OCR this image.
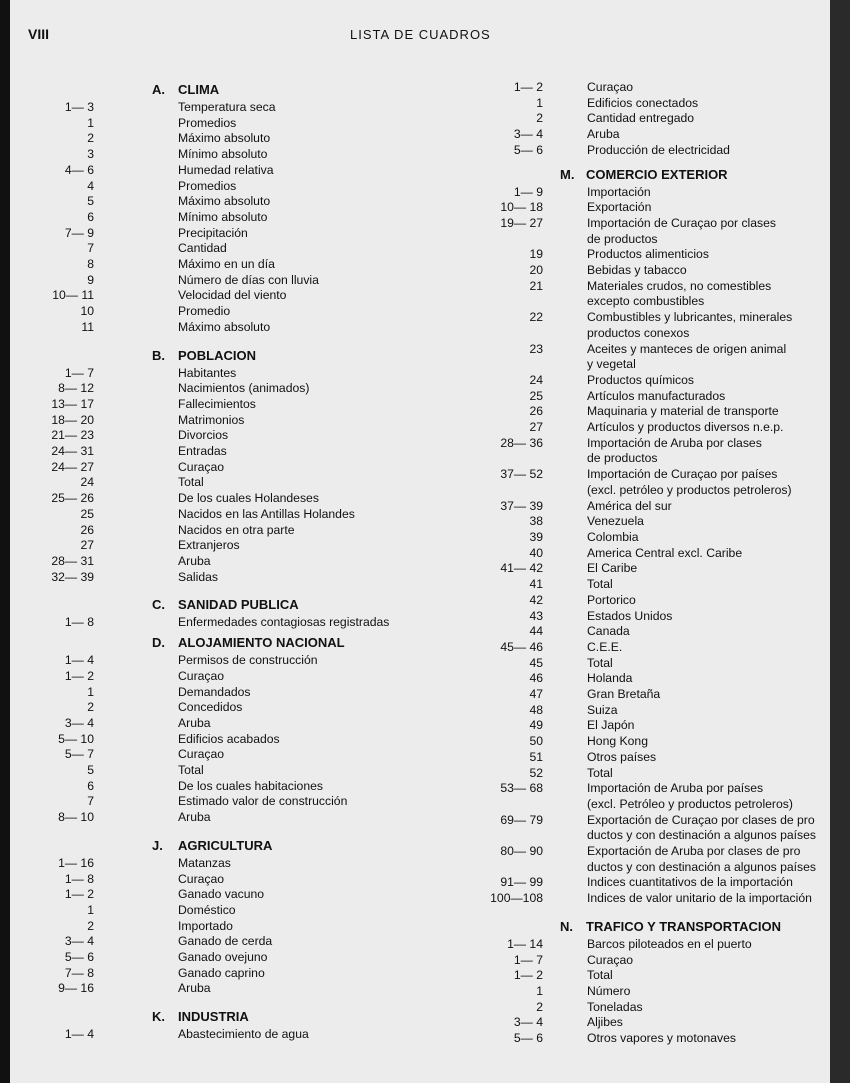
VIII	LISTA DE CUADROS
A. CLIMA
1— 3	Temperatura seca
1	Promedios
2	Máximo absoluto
3	Mínimo absoluto
4— 6	Humedad relativa
4	Promedios
5	Máximo absoluto
6	Mínimo absoluto
7— 9	Precipitación
7	Cantidad
8	Máximo en un día
9	Número de días con lluvia
10— 11	Velocidad del viento
10	Promedio
11	Máximo absoluto
B. POBLACION
1— 7	Habitantes
8— 12	Nacimientos (animados)
13— 17	Fallecimientos
18— 20	Matrimonios
21— 23	Divorcios
24— 31	Entradas
24— 27	Curaçao
24	Total
25— 26	De los cuales Holandeses
25	Nacidos en las Antillas Holandes
26	Nacidos en otra parte
27	Extranjeros
28— 31	Aruba
32— 39	Salidas
C. SANIDAD PUBLICA
1— 8	Enfermedades contagiosas registradas
D. ALOJAMIENTO NACIONAL
1— 4	Permisos de construcción
1— 2	Curaçao
1	Demandados
2	Concedidos
3— 4	Aruba
5— 10	Edificios acabados
5— 7	Curaçao
5	Total
6	De los cuales habitaciones
7	Estimado valor de construcción
8— 10	Aruba
J. AGRICULTURA
1— 16	Matanzas
1— 8	Curaçao
1— 2	Ganado vacuno
1	Doméstico
2	Importado
3— 4	Ganado de cerda
5— 6	Ganado ovejuno
7— 8	Ganado caprino
9— 16	Aruba
K. INDUSTRIA
1— 4	Abastecimiento de agua
1— 2	Curaçao
1	Edificios conectados
2	Cantidad entregado
3— 4	Aruba
5— 6	Producción de electricidad
M. COMERCIO EXTERIOR
1— 9	Importación
10— 18	Exportación
19— 27	Importación de Curaçao por clases
de productos
19	Productos alimenticios
20	Bebidas y tabacco
21	Materiales crudos, no comestibles
excepto combustibles
22	Combustibles y lubricantes, minerales
productos conexos
23	Aceites y manteces de origen animal
y vegetal
24	Productos químicos
25	Artículos manufacturados
26	Maquinaria y material de transporte
27	Artículos y productos diversos n.e.p.
28— 36	Importación de Aruba por clases
de productos
37— 52	Importación de Curaçao por países
(excl. petróleo y productos petroleros)
37— 39	América del sur
38	Venezuela
39	Colombia
40	America Central excl. Caribe
41— 42	El Caribe
41	Total
42	Portorico
43	Estados Unidos
44	Canada
45— 46	C.E.E.
45	Total
46	Holanda
47	Gran Bretaña
48	Suiza
49	El Japón
50	Hong Kong
51	Otros países
52	Total
53— 68	Importación de Aruba por países
(excl. Petróleo y productos petroleros)
69— 79	Exportación de Curaçao por clases de pro
ductos y con destinación a algunos países
80— 90	Exportación de Aruba por clases de pro
ductos y con destinación a algunos países
91— 99	Indices cuantitativos de la importación
100—108	Indices de valor unitario de la importación
N. TRAFICO Y TRANSPORTACION
1— 14	Barcos piloteados en el puerto
1— 7	Curaçao
1— 2	Total
1	Número
2	Toneladas
3— 4	Aljibes
5— 6	Otros vapores y motonaves
